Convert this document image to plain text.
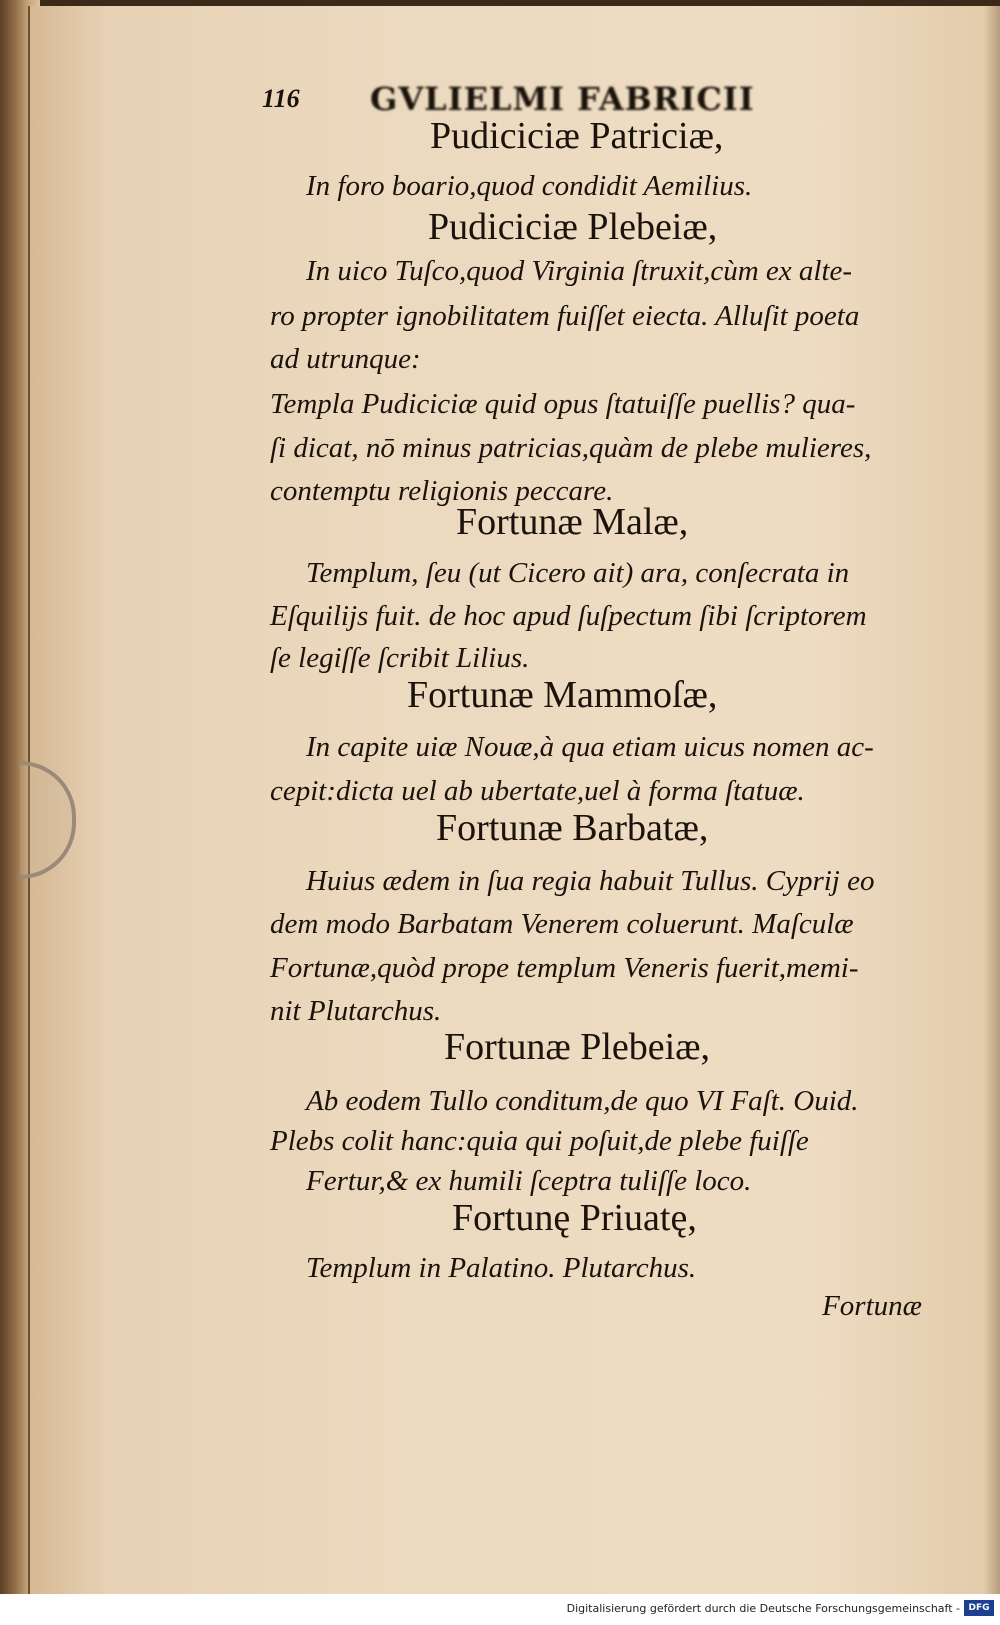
116 GVLIELMI FABRICII
Pudiciciæ Patriciæ,
In foro boario,quod condidit Aemilius.
Pudiciciæ Plebeiæ,
In uico Tuſco,quod Virginia ſtruxit,cùm ex alte-
ro propter ignobilitatem fuiſſet eiecta. Alluſit poeta
ad utrunque:
Templa Pudiciciæ quid opus ſtatuiſſe puellis? qua-
ſi dicat, nō minus patricias,quàm de plebe mulieres,
contemptu religionis peccare.
Fortunæ Malæ,
Templum, ſeu (ut Cicero ait) ara, conſecrata in
Eſquilijs fuit. de hoc apud ſuſpectum ſibi ſcriptorem
ſe legiſſe ſcribit Lilius.
Fortunæ Mammoſæ,
In capite uiæ Nouæ,à qua etiam uicus nomen ac-
cepit:dicta uel ab ubertate,uel à forma ſtatuæ.
Fortunæ Barbatæ,
Huius ædem in ſua regia habuit Tullus. Cyprij eo
dem modo Barbatam Venerem coluerunt. Maſculæ
Fortunæ,quòd prope templum Veneris fuerit,memi-
nit Plutarchus.
Fortunæ Plebeiæ,
Ab eodem Tullo conditum,de quo VI Faſt. Ouid.
Plebs colit hanc:quia qui poſuit,de plebe fuiſſe
Fertur,& ex humili ſceptra tuliſſe loco.
Fortunę Priuatę,
Templum in Palatino. Plutarchus.
Fortunæ
Digitalisierung gefördert durch die Deutsche Forschungsgemeinschaft - DFG
